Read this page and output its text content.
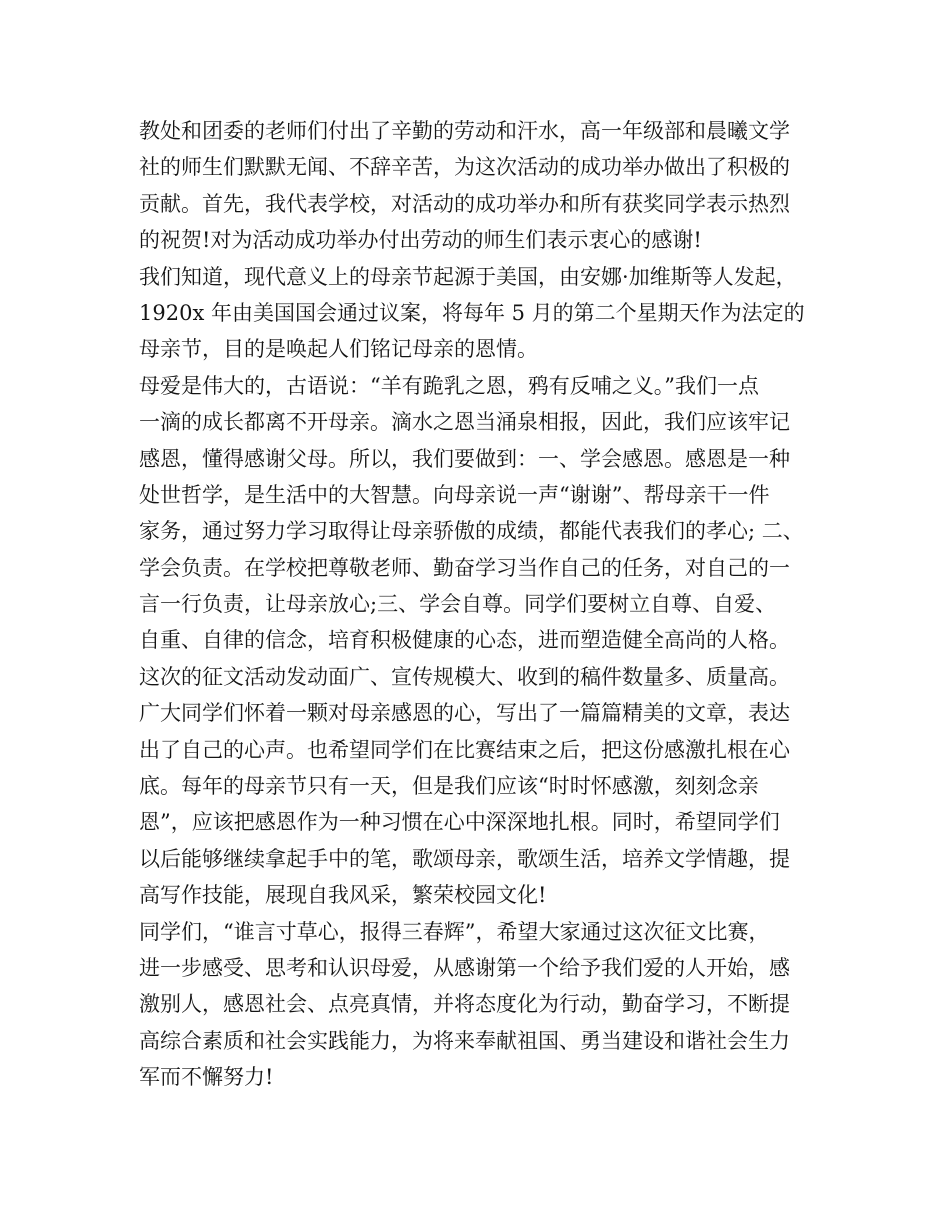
教处和团委的老师们付出了辛勤的劳动和汗水，高一年级部和晨曦文学
社的师生们默默无闻、不辞辛苦，为这次活动的成功举办做出了积极的
贡献。首先，我代表学校，对活动的成功举办和所有获奖同学表示热烈
的祝贺!对为活动成功举办付出劳动的师生们表示衷心的感谢!
我们知道，现代意义上的母亲节起源于美国，由安娜·加维斯等人发起，
1920x 年由美国国会通过议案，将每年 5 月的第二个星期天作为法定的
母亲节，目的是唤起人们铭记母亲的恩情。
母爱是伟大的，古语说：“羊有跪乳之恩，鸦有反哺之义。”我们一点
一滴的成长都离不开母亲。滴水之恩当涌泉相报，因此，我们应该牢记
感恩，懂得感谢父母。所以，我们要做到：一、学会感恩。感恩是一种
处世哲学，是生活中的大智慧。向母亲说一声“谢谢”、帮母亲干一件
家务，通过努力学习取得让母亲骄傲的成绩，都能代表我们的孝心; 二、
学会负责。在学校把尊敬老师、勤奋学习当作自己的任务，对自己的一
言一行负责，让母亲放心;三、学会自尊。同学们要树立自尊、自爱、
自重、自律的信念，培育积极健康的心态，进而塑造健全高尚的人格。
这次的征文活动发动面广、宣传规模大、收到的稿件数量多、质量高。
广大同学们怀着一颗对母亲感恩的心，写出了一篇篇精美的文章，表达
出了自己的心声。也希望同学们在比赛结束之后，把这份感激扎根在心
底。每年的母亲节只有一天，但是我们应该“时时怀感激，刻刻念亲
恩”，应该把感恩作为一种习惯在心中深深地扎根。同时，希望同学们
以后能够继续拿起手中的笔，歌颂母亲，歌颂生活，培养文学情趣，提
高写作技能，展现自我风采，繁荣校园文化!
同学们，“谁言寸草心，报得三春辉”，希望大家通过这次征文比赛，
进一步感受、思考和认识母爱，从感谢第一个给予我们爱的人开始，感
激别人，感恩社会、点亮真情，并将态度化为行动，勤奋学习，不断提
高综合素质和社会实践能力，为将来奉献祖国、勇当建设和谐社会生力
军而不懈努力!
